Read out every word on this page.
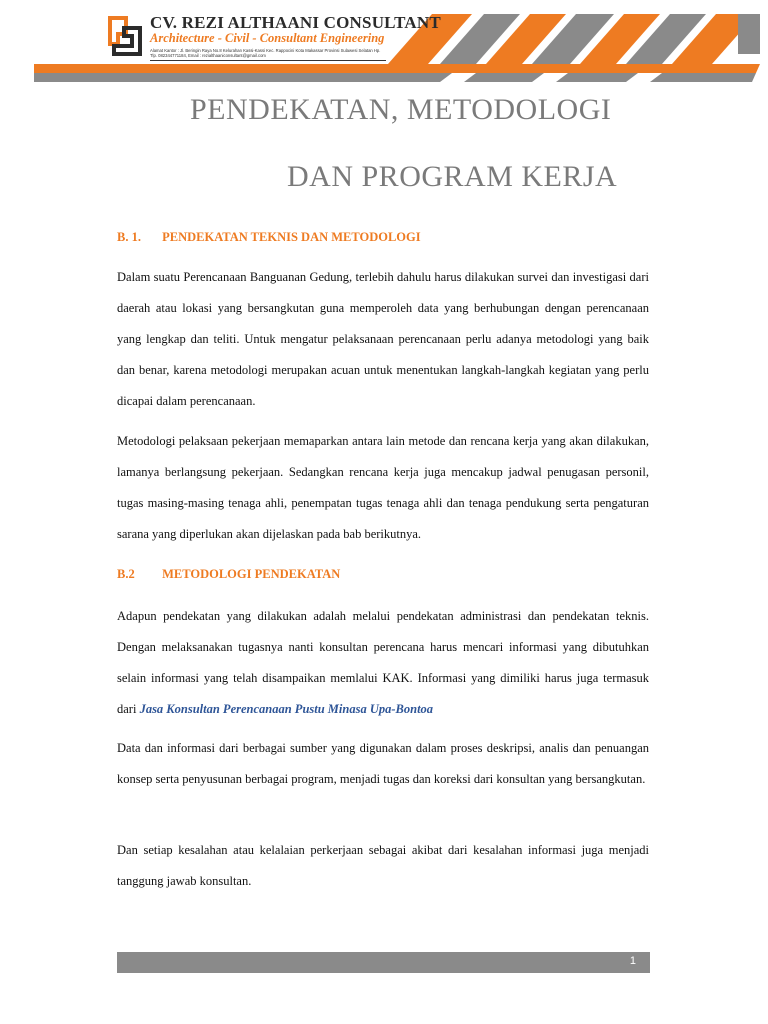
CV. REZI ALTHAANI CONSULTANT
Architecture - Civil - Consultant Engineering
Alamat Kantor : Jl. Beringin Raya No.8 Kelurahan Kassi-Kassi Kec. Rappocini Kota Makassar Provinsi Sulawesi Selatan Hp. Tlp. 082344771184, Email : rezialthaaniconsultant@gmail.com
PENDEKATAN, METODOLOGI
DAN PROGRAM KERJA
B. 1. PENDEKATAN TEKNIS DAN METODOLOGI
Dalam suatu Perencanaan Banguanan Gedung, terlebih dahulu harus dilakukan survei dan investigasi dari daerah atau lokasi yang bersangkutan guna memperoleh data yang berhubungan dengan perencanaan yang lengkap dan teliti. Untuk mengatur pelaksanaan perencanaan perlu adanya metodologi yang baik dan benar, karena metodologi merupakan acuan untuk menentukan langkah-langkah kegiatan yang perlu dicapai dalam perencanaan.
Metodologi pelaksaan pekerjaan memaparkan antara lain metode dan rencana kerja yang akan dilakukan, lamanya berlangsung pekerjaan. Sedangkan rencana kerja juga mencakup jadwal penugasan personil, tugas masing-masing tenaga ahli, penempatan tugas tenaga ahli dan tenaga pendukung serta pengaturan sarana yang diperlukan akan dijelaskan pada bab berikutnya.
B.2 METODOLOGI PENDEKATAN
Adapun pendekatan yang dilakukan adalah melalui pendekatan administrasi dan pendekatan teknis. Dengan melaksanakan tugasnya nanti konsultan perencana harus mencari informasi yang dibutuhkan selain informasi yang telah disampaikan memlalui KAK. Informasi yang dimiliki harus juga termasuk dari Jasa Konsultan Perencanaan Pustu Minasa Upa-Bontoa
Data dan informasi dari berbagai sumber yang digunakan dalam proses deskripsi, analis dan penuangan konsep serta penyusunan berbagai program, menjadi tugas dan koreksi dari konsultan yang bersangkutan.
Dan setiap kesalahan atau kelalaian perkerjaan sebagai akibat dari kesalahan informasi juga menjadi tanggung jawab konsultan.
1
